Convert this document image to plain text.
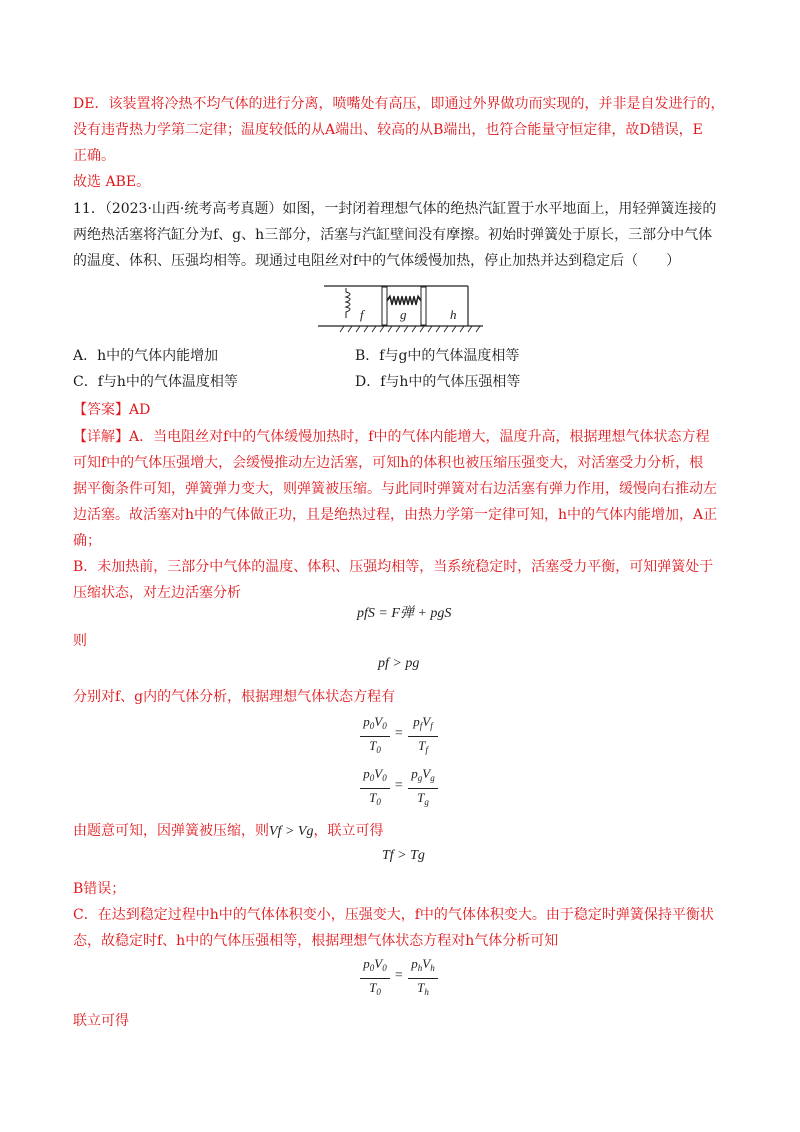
DE．该装置将冷热不均气体的进行分离，喷嘴处有高压，即通过外界做功而实现的，并非是自发进行的，

没有违背热力学第二定律；温度较低的从A端出、较高的从B端出，也符合能量守恒定律，故D错误，E

正确。

故选 ABE。

11．（2023·山西·统考高考真题）如图，一封闭着理想气体的绝热汽缸置于水平地面上，用轻弹簧连接的

两绝热活塞将汽缸分为f、g、h三部分，活塞与汽缸壁间没有摩擦。初始时弹簧处于原长，三部分中气体

的温度、体积、压强均相等。现通过电阻丝对f中的气体缓慢加热，停止加热并达到稳定后（　　）

f	g	h
A．h中的气体内能增加	B．f与g中的气体温度相等
C．f与h中的气体温度相等	D．f与h中的气体压强相等

【答案】AD

【详解】A．当电阻丝对f中的气体缓慢加热时，f中的气体内能增大，温度升高，根据理想气体状态方程

可知f中的气体压强增大，会缓慢推动左边活塞，可知h的体积也被压缩压强变大，对活塞受力分析，根

据平衡条件可知，弹簧弹力变大，则弹簧被压缩。与此同时弹簧对右边活塞有弹力作用，缓慢向右推动左

边活塞。故活塞对h中的气体做正功，且是绝热过程，由热力学第一定律可知，h中的气体内能增加，A正

确；

B．未加热前，三部分中气体的温度、体积、压强均相等，当系统稳定时，活塞受力平衡，可知弹簧处于

压缩状态，对左边活塞分析

pfS = F弹 + pgS

则

pf > pg

分别对f、g内的气体分析，根据理想气体状态方程有

$p_0V_0$
$T_0$
=
$p_fV_f$
$T_f$
$p_0V_0$
$T_0$
=
$p_gV_g$
$T_g$

由题意可知，因弹簧被压缩，则Vf > Vg，联立可得

Tf > Tg

B错误；

C．在达到稳定过程中h中的气体体积变小，压强变大，f中的气体体积变大。由于稳定时弹簧保持平衡状

态，故稳定时f、h中的气体压强相等，根据理想气体状态方程对h气体分析可知

$p_0V_0$
$T_0$
=
$p_hV_h$
$T_h$

联立可得
